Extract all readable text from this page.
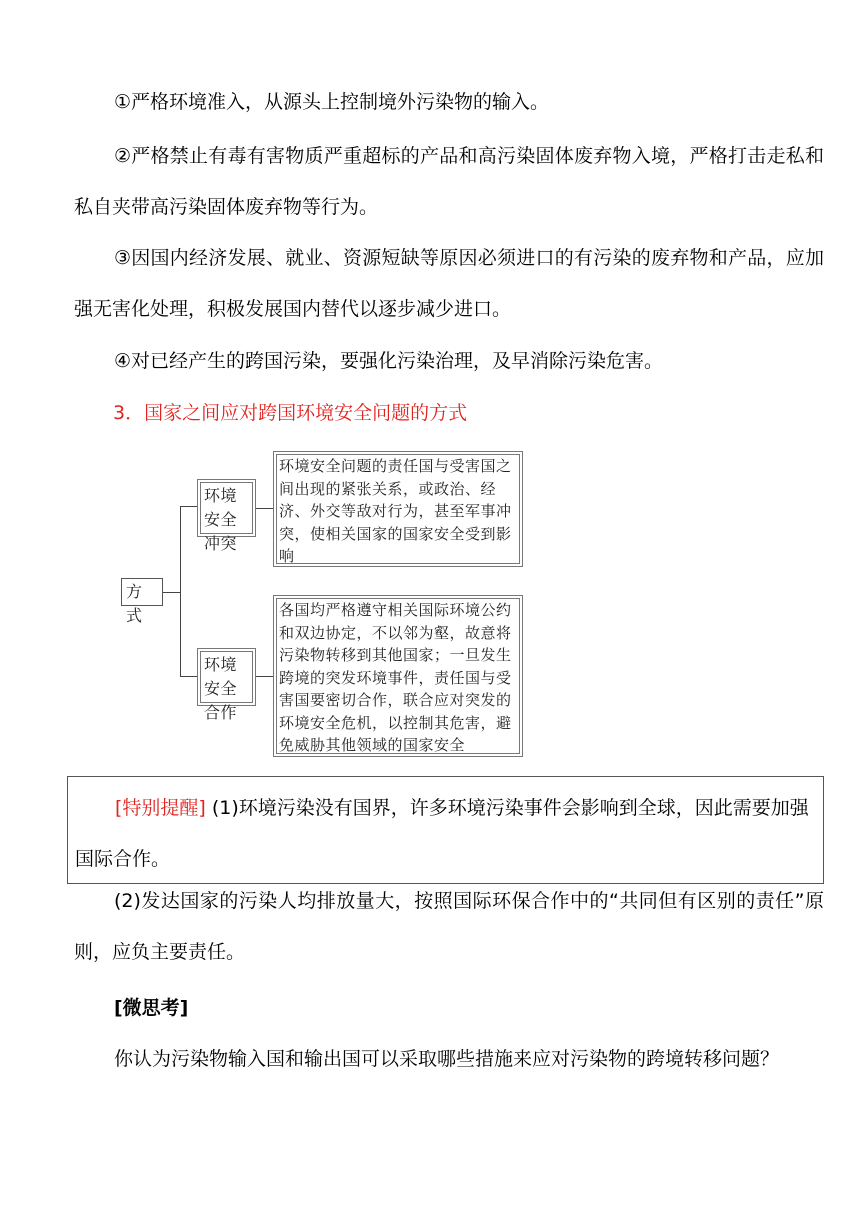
①严格环境准入，从源头上控制境外污染物的输入。

②严格禁止有毒有害物质严重超标的产品和高污染固体废弃物入境，严格打击走私和私自夹带高污染固体废弃物等行为。

③因国内经济发展、就业、资源短缺等原因必须进口的有污染的废弃物和产品，应加强无害化处理，积极发展国内替代以逐步减少进口。

④对已经产生的跨国污染，要强化污染治理，及早消除污染危害。

3．国家之间应对跨国环境安全问题的方式

方式
环境安全冲突
环境安全问题的责任国与受害国之间出现的紧张关系，或政治、经济、外交等敌对行为，甚至军事冲突，使相关国家的国家安全受到影响
环境安全合作
各国均严格遵守相关国际环境公约和双边协定，不以邻为壑，故意将污染物转移到其他国家；一旦发生跨境的突发环境事件，责任国与受害国要密切合作，联合应对突发的环境安全危机，以控制其危害，避免威胁其他领域的国家安全

[特别提醒] (1)环境污染没有国界，许多环境污染事件会影响到全球，因此需要加强国际合作。

(2)发达国家的污染人均排放量大，按照国际环保合作中的“共同但有区别的责任”原则，应负主要责任。

[微思考]

你认为污染物输入国和输出国可以采取哪些措施来应对污染物的跨境转移问题？
